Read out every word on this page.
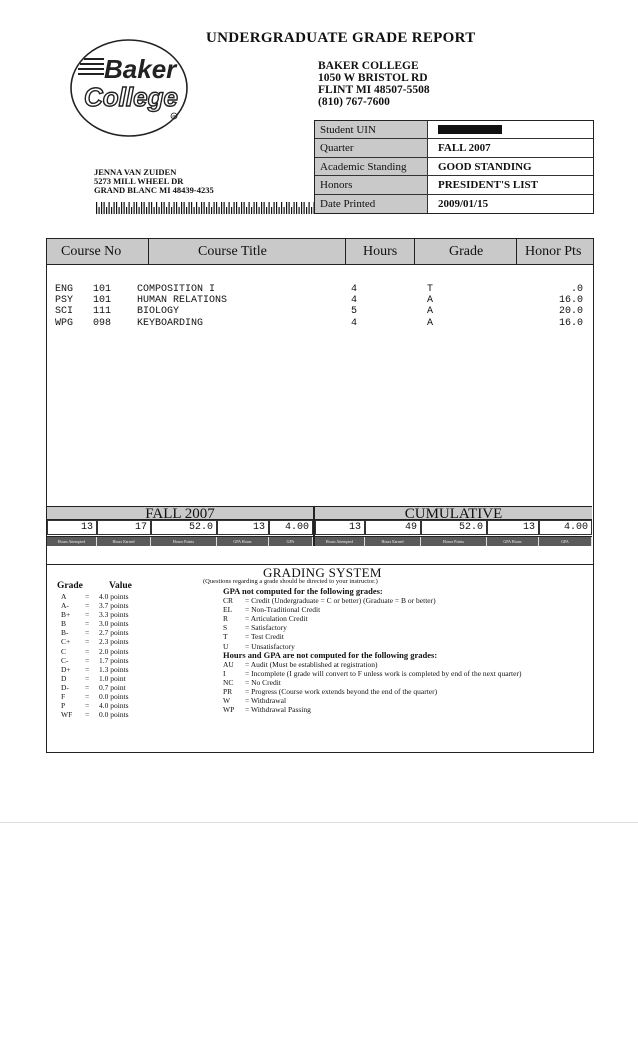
UNDERGRADUATE GRADE REPORT
Baker
College
R
BAKER COLLEGE
1050 W BRISTOL RD
FLINT MI 48507-5508
(810) 767-7600
JENNA VAN ZUIDEN
5273 MILL WHEEL DR
GRAND BLANC MI 48439-4235
Student UIN
Quarter	FALL 2007
Academic Standing	GOOD STANDING
Honors	PRESIDENT'S LIST
Date Printed	2009/01/15
Course No	Course Title	Hours	Grade	Honor Pts
ENG 101	COMPOSITION I	4	T	.0
PSY 101	HUMAN RELATIONS	4	A	16.0
SCI 111	BIOLOGY	5	A	20.0
WPG 098	KEYBOARDING	4	A	16.0
FALL 2007	CUMULATIVE
13	17	52.0	13	4.00	13	49	52.0	13	4.00
Hours Attempted	Hours Earned	Honor Points	GPA Hours	GPA	Hours Attempted	Hours Earned	Honor Points	GPA Hours	GPA
GRADING SYSTEM
(Questions regarding a grade should be directed to your instructor.)
Grade	Value
A = 4.0 points
A- = 3.7 points
B+ = 3.3 points
B	= 3.0 points
B- = 2.7 points
C+ = 2.3 points
C	= 2.0 points
C- = 1.7 points
D+ = 1.3 points
D = 1.0 point
D- = 0.7 point
F	= 0.0 points
P	= 4.0 points
WF = 0.0 points
GPA not computed for the following grades:
CR = Credit (Undergraduate = C or better) (Graduate = B or better)
EL = Non-Traditional Credit
R = Articulation Credit
S = Satisfactory
T = Test Credit
U = Unsatisfactory
Hours and GPA are not computed for the following grades:
AU = Audit (Must be established at registration)
I	= Incomplete (I grade will convert to F unless work is completed by end of the next quarter)
NC = No Credit
PR = Progress (Course work extends beyond the end of the quarter)
W = Withdrawal
WP = Withdrawal Passing
